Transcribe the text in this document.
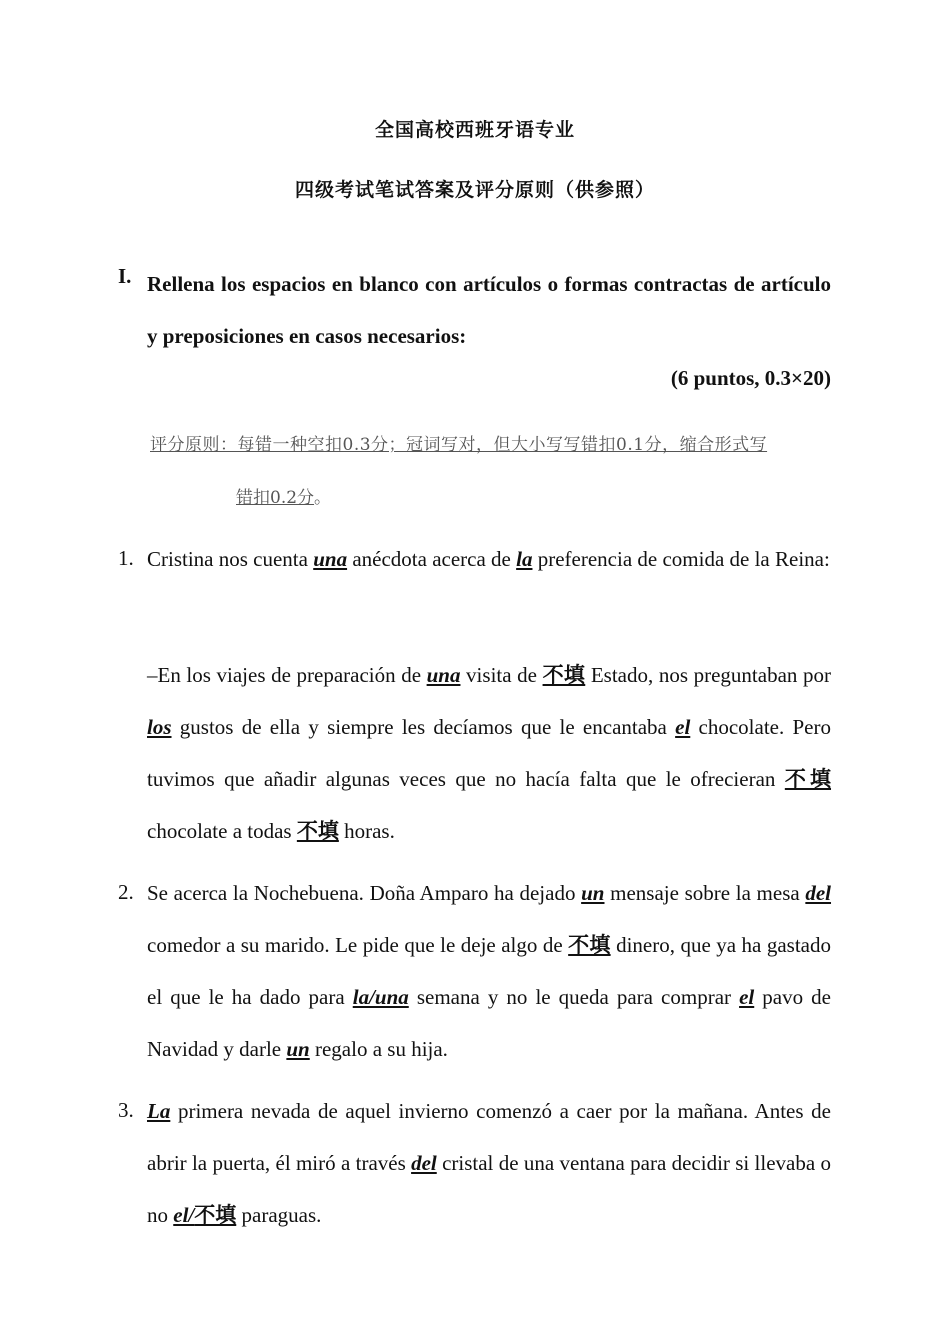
全国高校西班牙语专业
四级考试笔试答案及评分原则（供参照）
I. Rellena los espacios en blanco con artículos o formas contractas de artículo y preposiciones en casos necesarios:
(6 puntos, 0.3×20)
评分原则：每错一种空扣0.3分；冠词写对，但大小写写错扣0.1分，缩合形式写
错扣0.2分。
1. Cristina nos cuenta una anécdota acerca de la preferencia de comida de la Reina:
–En los viajes de preparación de una visita de 不填 Estado, nos preguntaban por los gustos de ella y siempre les decíamos que le encantaba el chocolate. Pero tuvimos que añadir algunas veces que no hacía falta que le ofrecieran 不填 chocolate a todas 不填 horas.
2. Se acerca la Nochebuena. Doña Amparo ha dejado un mensaje sobre la mesa del comedor a su marido. Le pide que le deje algo de 不填 dinero, que ya ha gastado el que le ha dado para la/una semana y no le queda para comprar el pavo de Navidad y darle un regalo a su hija.
3. La primera nevada de aquel invierno comenzó a caer por la mañana. Antes de abrir la puerta, él miró a través del cristal de una ventana para decidir si llevaba o no el/不填 paraguas.
